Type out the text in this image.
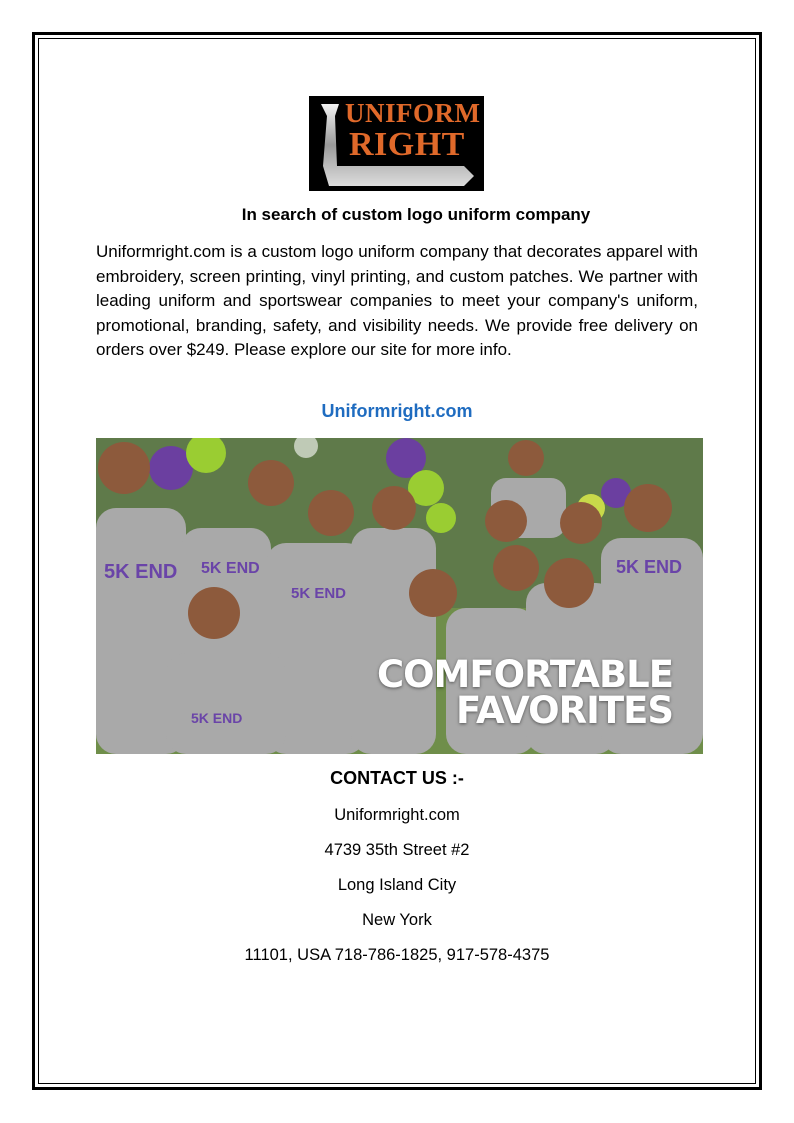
UNIFORM
RIGHT
In search of custom logo uniform company
Uniformright.com is a custom logo uniform company that decorates apparel with embroidery, screen printing, vinyl printing, and custom patches. We partner with leading uniform and sportswear companies to meet your company's uniform, promotional, branding, safety, and visibility needs. We provide free delivery on orders over $249. Please explore our site for more info.
Uniformright.com
5K END 5K END
5K END
5K END
5K END
COMFORTABLE
FAVORITES
CONTACT US :-
Uniformright.com
4739 35th Street #2
Long Island City
New York
11101, USA 718-786-1825, 917-578-4375
